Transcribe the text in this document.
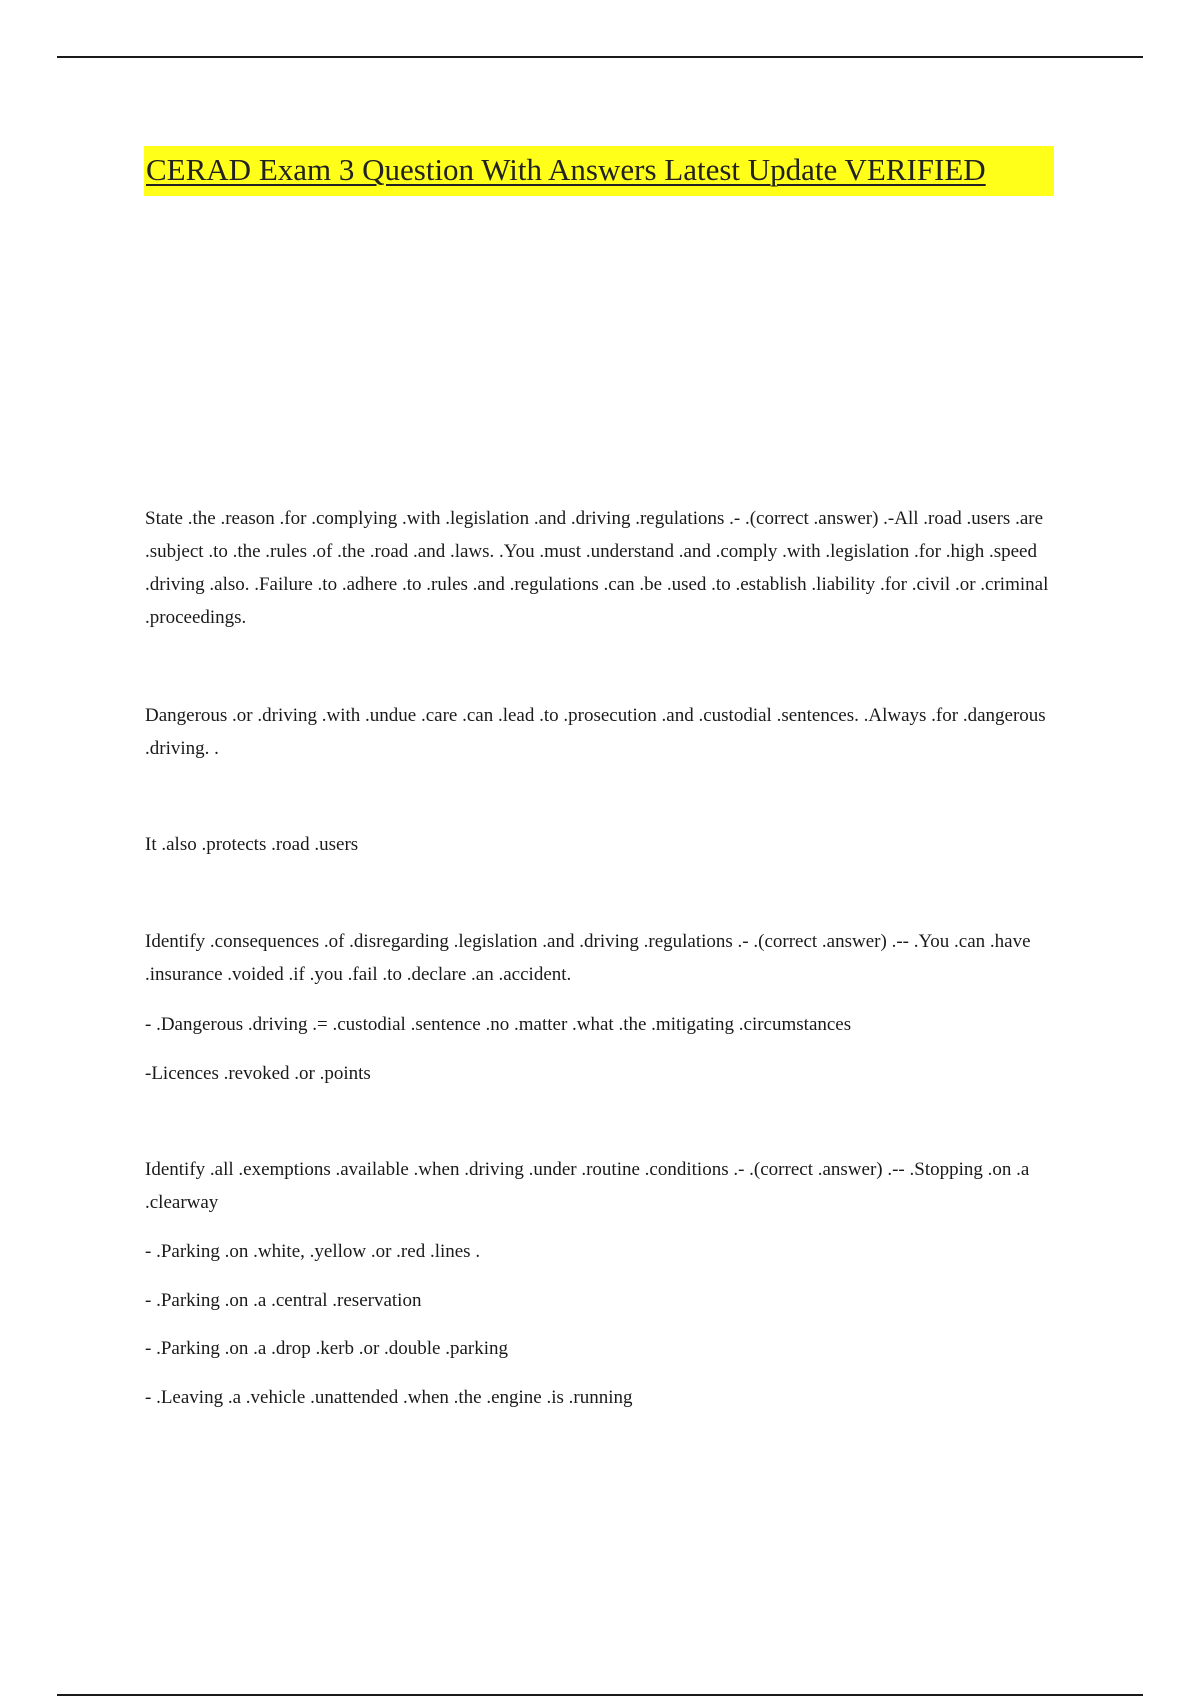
CERAD Exam 3 Question With Answers Latest Update VERIFIED

State .the .reason .for .complying .with .legislation .and .driving .regulations .- .(correct .answer) .-All .road .users .are .subject .to .the .rules .of .the .road .and .laws. .You .must .understand .and .comply .with .legislation .for .high .speed .driving .also. .Failure .to .adhere .to .rules .and .regulations .can .be .used .to .establish .liability .for .civil .or .criminal .proceedings.

Dangerous .or .driving .with .undue .care .can .lead .to .prosecution .and .custodial .sentences. .Always .for .dangerous .driving. .

It .also .protects .road .users

Identify .consequences .of .disregarding .legislation .and .driving .regulations .- .(correct .answer) .-- .You .can .have .insurance .voided .if .you .fail .to .declare .an .accident.

- .Dangerous .driving .= .custodial .sentence .no .matter .what .the .mitigating .circumstances

-Licences .revoked .or .points

Identify .all .exemptions .available .when .driving .under .routine .conditions .- .(correct .answer) .-- .Stopping .on .a .clearway

- .Parking .on .white, .yellow .or .red .lines .

- .Parking .on .a .central .reservation

- .Parking .on .a .drop .kerb .or .double .parking

- .Leaving .a .vehicle .unattended .when .the .engine .is .running
